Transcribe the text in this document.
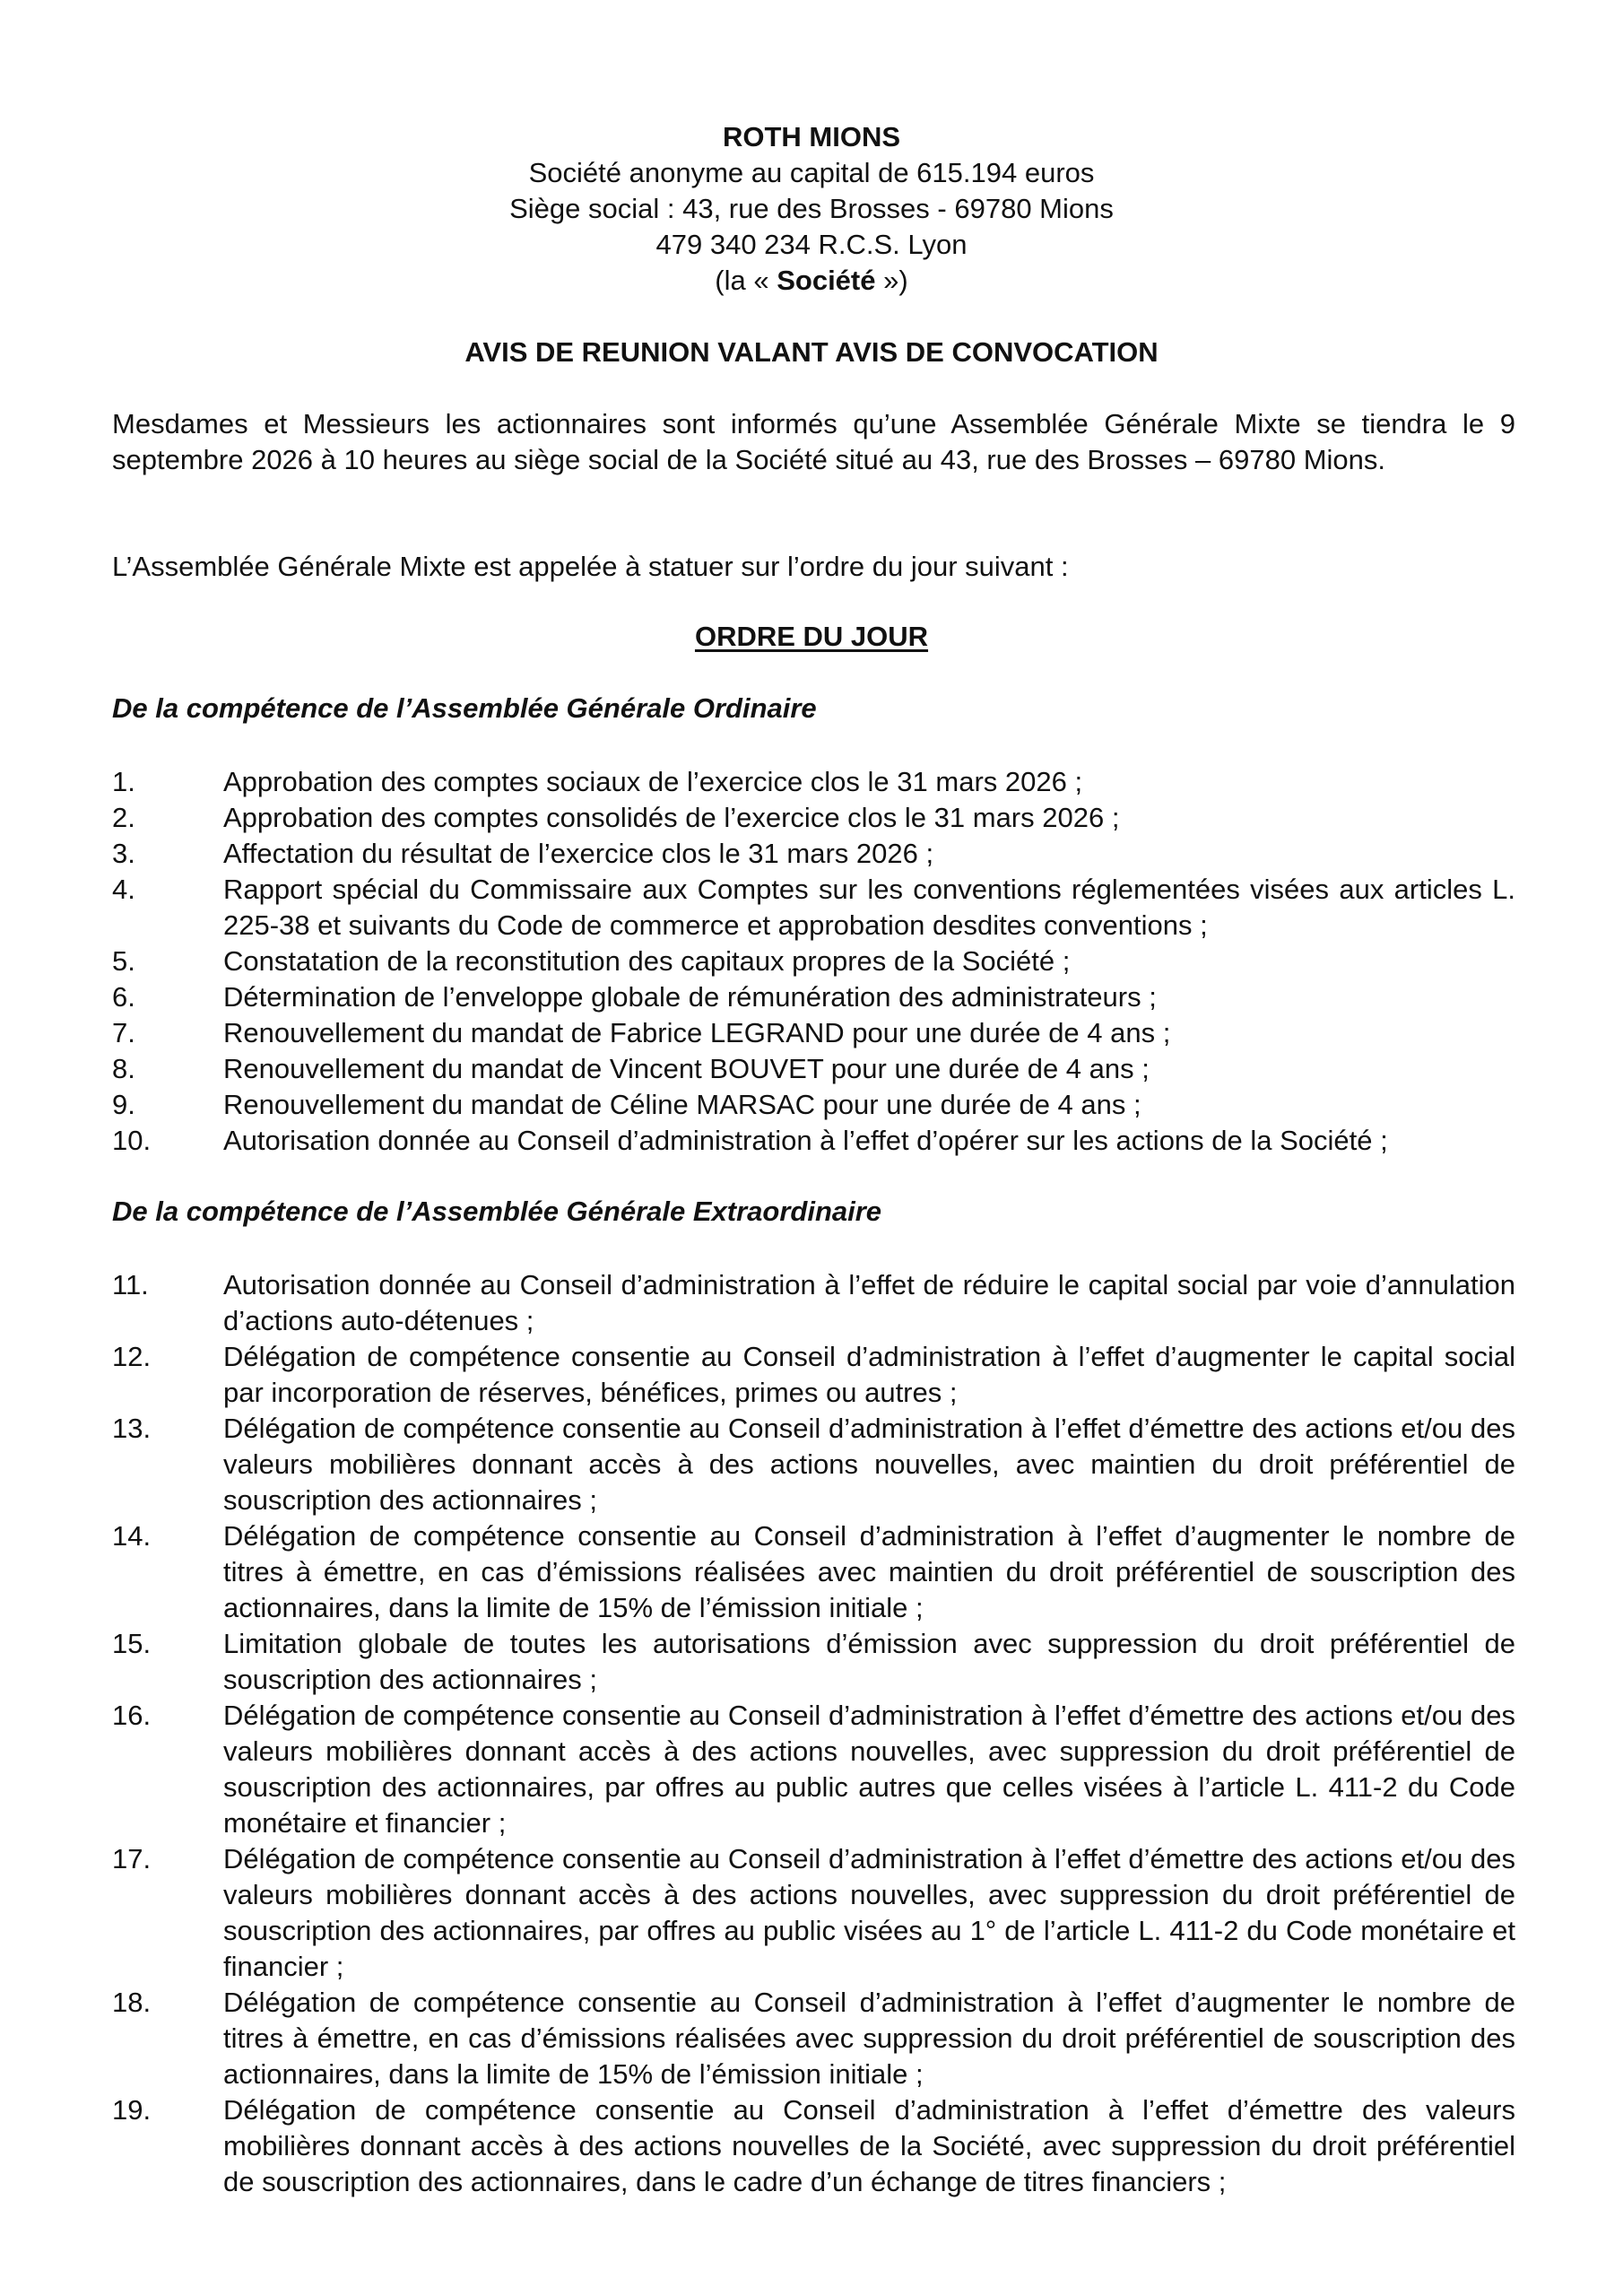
ROTH MIONS
Société anonyme au capital de 615.194 euros
Siège social : 43, rue des Brosses - 69780 Mions
479 340 234 R.C.S. Lyon
(la « Société »)
AVIS DE REUNION VALANT AVIS DE CONVOCATION
Mesdames et Messieurs les actionnaires sont informés qu’une Assemblée Générale Mixte se tiendra le 9 septembre 2026 à 10 heures au siège social de la Société situé au 43, rue des Brosses – 69780 Mions.
L’Assemblée Générale Mixte est appelée à statuer sur l’ordre du jour suivant :
ORDRE DU JOUR
De la compétence de l’Assemblée Générale Ordinaire
1.	Approbation des comptes sociaux de l’exercice clos le 31 mars 2026 ;
2.	Approbation des comptes consolidés de l’exercice clos le 31 mars 2026 ;
3.	Affectation du résultat de l’exercice clos le 31 mars 2026 ;
4.	Rapport spécial du Commissaire aux Comptes sur les conventions réglementées visées aux articles L. 225-38 et suivants du Code de commerce et approbation desdites conventions ;
5.	Constatation de la reconstitution des capitaux propres de la Société ;
6.	Détermination de l’enveloppe globale de rémunération des administrateurs ;
7.	Renouvellement du mandat de Fabrice LEGRAND pour une durée de 4 ans ;
8.	Renouvellement du mandat de Vincent BOUVET pour une durée de 4 ans ;
9.	Renouvellement du mandat de Céline MARSAC pour une durée de 4 ans ;
10.	Autorisation donnée au Conseil d’administration à l’effet d’opérer sur les actions de la Société ;
De la compétence de l’Assemblée Générale Extraordinaire
11.	Autorisation donnée au Conseil d’administration à l’effet de réduire le capital social par voie d’annulation d’actions auto-détenues ;
12.	Délégation de compétence consentie au Conseil d’administration à l’effet d’augmenter le capital social par incorporation de réserves, bénéfices, primes ou autres ;
13.	Délégation de compétence consentie au Conseil d’administration à l’effet d’émettre des actions et/ou des valeurs mobilières donnant accès à des actions nouvelles, avec maintien du droit préférentiel de souscription des actionnaires ;
14.	Délégation de compétence consentie au Conseil d’administration à l’effet d’augmenter le nombre de titres à émettre, en cas d’émissions réalisées avec maintien du droit préférentiel de souscription des actionnaires, dans la limite de 15% de l’émission initiale ;
15.	Limitation globale de toutes les autorisations d’émission avec suppression du droit préférentiel de souscription des actionnaires ;
16.	Délégation de compétence consentie au Conseil d’administration à l’effet d’émettre des actions et/ou des valeurs mobilières donnant accès à des actions nouvelles, avec suppression du droit préférentiel de souscription des actionnaires, par offres au public autres que celles visées à l’article L. 411-2 du Code monétaire et financier ;
17.	Délégation de compétence consentie au Conseil d’administration à l’effet d’émettre des actions et/ou des valeurs mobilières donnant accès à des actions nouvelles, avec suppression du droit préférentiel de souscription des actionnaires, par offres au public visées au 1° de l’article L. 411-2 du Code monétaire et financier ;
18.	Délégation de compétence consentie au Conseil d’administration à l’effet d’augmenter le nombre de titres à émettre, en cas d’émissions réalisées avec suppression du droit préférentiel de souscription des actionnaires, dans la limite de 15% de l’émission initiale ;
19.	Délégation de compétence consentie au Conseil d’administration à l’effet d’émettre des valeurs mobilières donnant accès à des actions nouvelles de la Société, avec suppression du droit préférentiel de souscription des actionnaires, dans le cadre d’un échange de titres financiers ;
